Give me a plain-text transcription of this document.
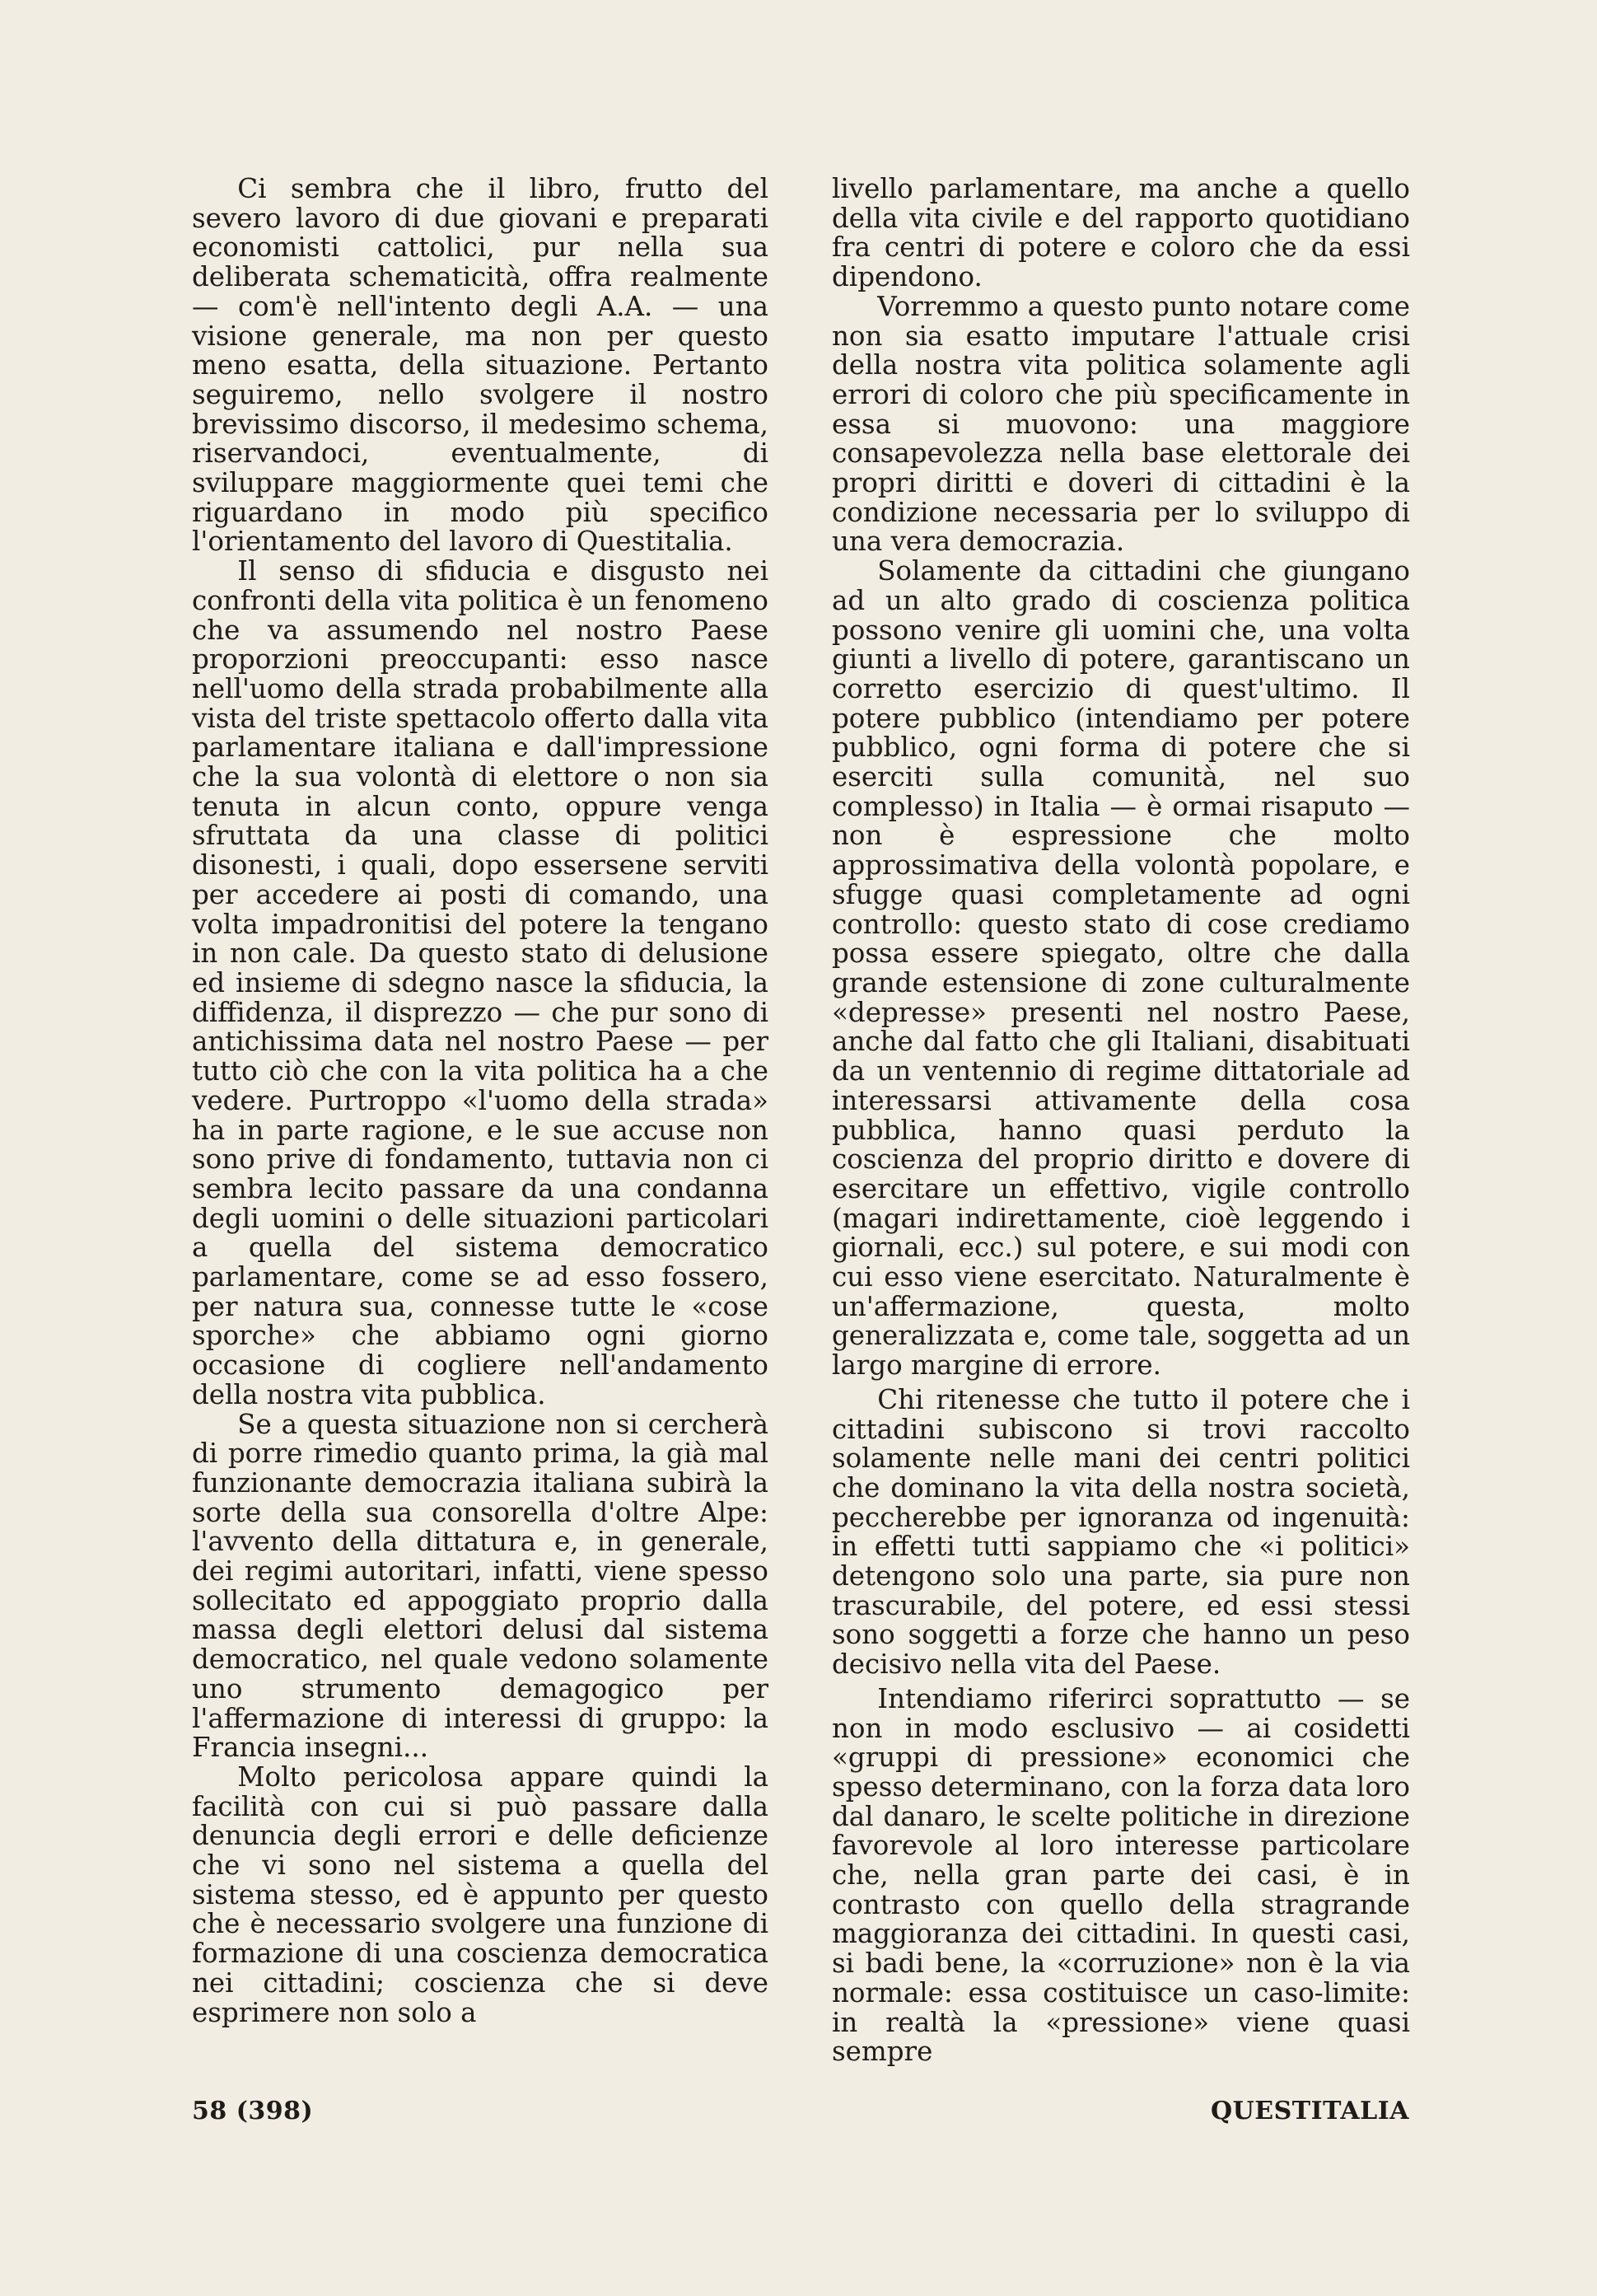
Ci sembra che il libro, frutto del severo lavoro di due giovani e preparati economisti cattolici, pur nella sua deliberata schematicità, offra realmente — com'è nell'intento degli A.A. — una visione generale, ma non per questo meno esatta, della situazione. Pertanto seguiremo, nello svolgere il nostro brevissimo discorso, il medesimo schema, riservandoci, eventualmente, di sviluppare maggiormente quei temi che riguardano in modo più specifico l'orientamento del lavoro di Questitalia.

Il senso di sfiducia e disgusto nei confronti della vita politica è un fenomeno che va assumendo nel nostro Paese proporzioni preoccupanti: esso nasce nell'uomo della strada probabilmente alla vista del triste spettacolo offerto dalla vita parlamentare italiana e dall'impressione che la sua volontà di elettore o non sia tenuta in alcun conto, oppure venga sfruttata da una classe di politici disonesti, i quali, dopo essersene serviti per accedere ai posti di comando, una volta impadronitisi del potere la tengano in non cale. Da questo stato di delusione ed insieme di sdegno nasce la sfiducia, la diffidenza, il disprezzo — che pur sono di antichissima data nel nostro Paese — per tutto ciò che con la vita politica ha a che vedere. Purtroppo «l'uomo della strada» ha in parte ragione, e le sue accuse non sono prive di fondamento, tuttavia non ci sembra lecito passare da una condanna degli uomini o delle situazioni particolari a quella del sistema democratico parlamentare, come se ad esso fossero, per natura sua, connesse tutte le «cose sporche» che abbiamo ogni giorno occasione di cogliere nell'andamento della nostra vita pubblica.

Se a questa situazione non si cercherà di porre rimedio quanto prima, la già mal funzionante democrazia italiana subirà la sorte della sua consorella d'oltre Alpe: l'avvento della dittatura e, in generale, dei regimi autoritari, infatti, viene spesso sollecitato ed appoggiato proprio dalla massa degli elettori delusi dal sistema democratico, nel quale vedono solamente uno strumento demagogico per l'affermazione di interessi di gruppo: la Francia insegni...

Molto pericolosa appare quindi la facilità con cui si può passare dalla denuncia degli errori e delle deficienze che vi sono nel sistema a quella del sistema stesso, ed è appunto per questo che è necessario svolgere una funzione di formazione di una coscienza democratica nei cittadini; coscienza che si deve esprimere non solo a

livello parlamentare, ma anche a quello della vita civile e del rapporto quotidiano fra centri di potere e coloro che da essi dipendono.

Vorremmo a questo punto notare come non sia esatto imputare l'attuale crisi della nostra vita politica solamente agli errori di coloro che più specificamente in essa si muovono: una maggiore consapevolezza nella base elettorale dei propri diritti e doveri di cittadini è la condizione necessaria per lo sviluppo di una vera democrazia.

Solamente da cittadini che giungano ad un alto grado di coscienza politica possono venire gli uomini che, una volta giunti a livello di potere, garantiscano un corretto esercizio di quest'ultimo. Il potere pubblico (intendiamo per potere pubblico, ogni forma di potere che si eserciti sulla comunità, nel suo complesso) in Italia — è ormai risaputo — non è espressione che molto approssimativa della volontà popolare, e sfugge quasi completamente ad ogni controllo: questo stato di cose crediamo possa essere spiegato, oltre che dalla grande estensione di zone culturalmente «depresse» presenti nel nostro Paese, anche dal fatto che gli Italiani, disabituati da un ventennio di regime dittatoriale ad interessarsi attivamente della cosa pubblica, hanno quasi perduto la coscienza del proprio diritto e dovere di esercitare un effettivo, vigile controllo (magari indirettamente, cioè leggendo i giornali, ecc.) sul potere, e sui modi con cui esso viene esercitato. Naturalmente è un'affermazione, questa, molto generalizzata e, come tale, soggetta ad un largo margine di errore.

Chi ritenesse che tutto il potere che i cittadini subiscono si trovi raccolto solamente nelle mani dei centri politici che dominano la vita della nostra società, peccherebbe per ignoranza od ingenuità: in effetti tutti sappiamo che «i politici» detengono solo una parte, sia pure non trascurabile, del potere, ed essi stessi sono soggetti a forze che hanno un peso decisivo nella vita del Paese.

Intendiamo riferirci soprattutto — se non in modo esclusivo — ai cosidetti «gruppi di pressione» economici che spesso determinano, con la forza data loro dal danaro, le scelte politiche in direzione favorevole al loro interesse particolare che, nella gran parte dei casi, è in contrasto con quello della stragrande maggioranza dei cittadini. In questi casi, si badi bene, la «corruzione» non è la via normale: essa costituisce un caso-limite: in realtà la «pressione» viene quasi sempre

58 (398)	QUESTITALIA
